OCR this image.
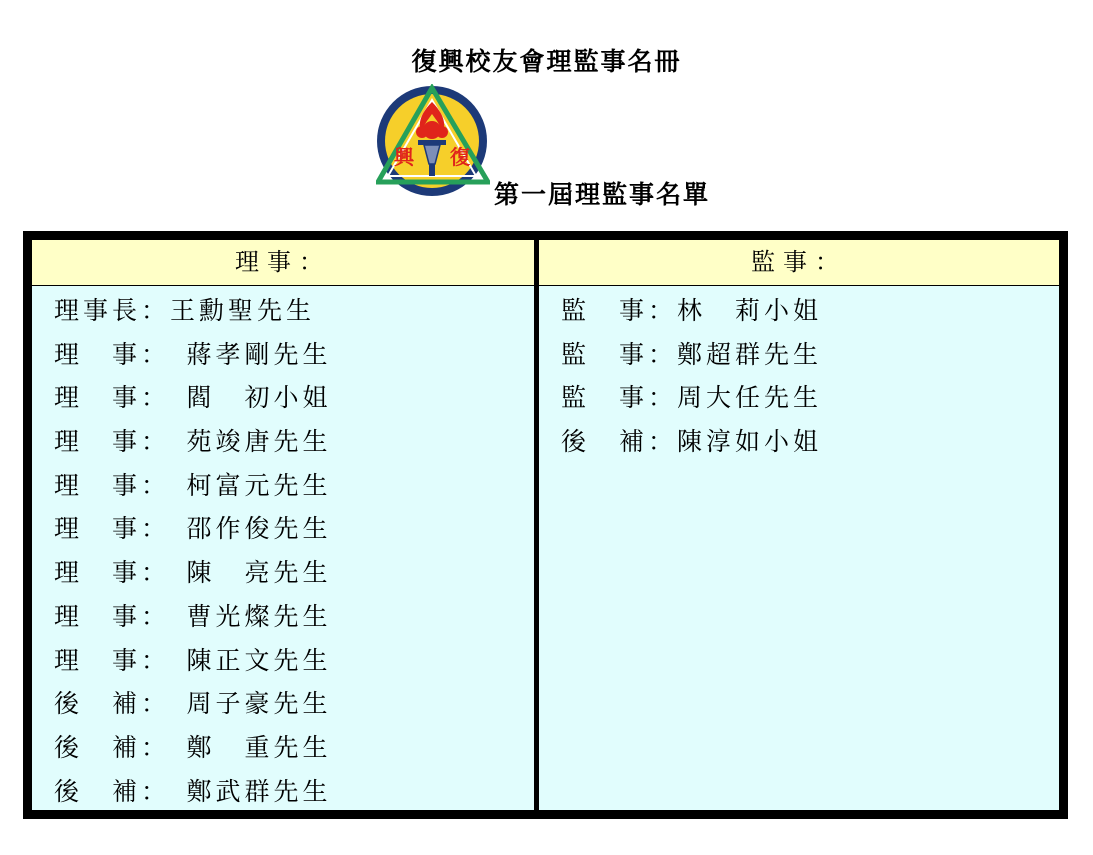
復興校友會理監事名冊
興 復
第一屆理監事名單
理事：
理事長：王勳聖先生
理　事：　蔣孝剛先生
理　事：　閻　初小姐
理　事：　苑竣唐先生
理　事：　柯富元先生
理　事：　邵作俊先生
理　事：　陳　亮先生
理　事：　曹光燦先生
理　事：　陳正文先生
後　補：　周子豪先生
後　補：　鄭　重先生
後　補：　鄭武群先生
監事：
監　事：林　莉小姐
監　事：鄭超群先生
監　事：周大任先生
後　補：陳淳如小姐
